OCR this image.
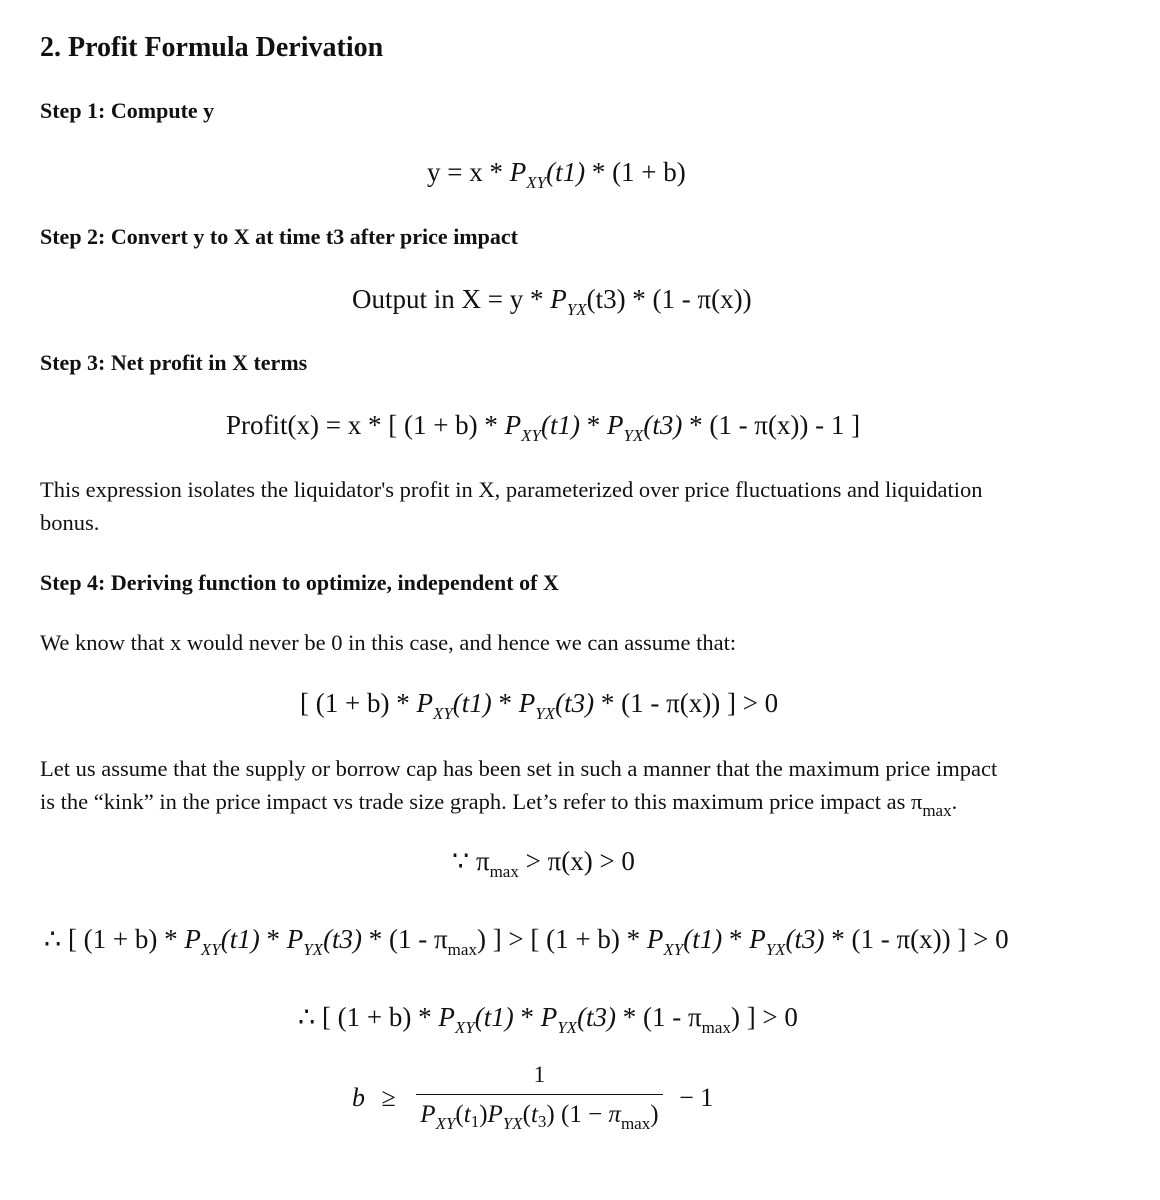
2. Profit Formula Derivation
Step 1: Compute y
$y = x * P_{XY}(t1) * (1 + b)$
Step 2: Convert y to X at time t3 after price impact
Output in $X = y * P_{YX}(t3) * (1 - \pi(x))$
Step 3: Net profit in X terms
Profit(x) = x * [ $(1 + b) * P_{XY}(t1) * P_{YX}(t3) * (1 - \pi(x)) - 1$ ]
This expression isolates the liquidator's profit in X, parameterized over price fluctuations and liquidation
bonus.
Step 4: Deriving function to optimize, independent of X
We know that x would never be 0 in this case, and hence we can assume that:
[ $(1 + b) * P_{XY}(t1) * P_{YX}(t3) * (1 - \pi(x))$ ] > 0
Let us assume that the supply or borrow cap has been set in such a manner that the maximum price impact
is the “kink” in the price impact vs trade size graph. Let’s refer to this maximum price impact as $\pi_{max}$.
∵ $\pi_{max} > \pi(x) > 0$
∴ [ $(1 + b) * P_{XY}(t1) * P_{YX}(t3) * (1 - \pi_{max})$ ] > [ $(1 + b) * P_{XY}(t1) * P_{YX}(t3) * (1 - \pi(x))$ ] > 0
∴ [ $(1 + b) * P_{XY}(t1) * P_{YX}(t3) * (1 - \pi_{max})$ ] > 0
$b \ge \frac{1}{P_{XY}(t_1)P_{YX}(t_3) (1 - \pi_{max})} - 1$
